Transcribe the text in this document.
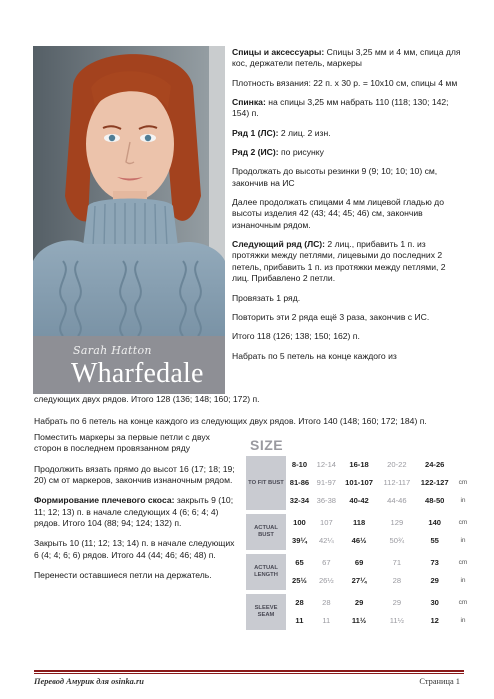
Sarah Hatton
Wharfedale

Спицы и аксессуары: Спицы 3,25 мм и 4 мм, спица для кос, держатели петель, маркеры

Плотность вязания: 22 п. х 30 р. = 10х10 см, спицы 4 мм

Спинка: на спицы 3,25 мм набрать 110 (118; 130; 142; 154) п.

Ряд 1 (ЛС): 2 лиц. 2 изн.

Ряд 2 (ИС): по рисунку

Продолжать до высоты резинки 9 (9; 10; 10; 10) см, закончив на ИС

Далее продолжать спицами 4 мм лицевой гладью до высоты изделия 42 (43; 44; 45; 46) см, закончив изнаночным рядом.

Следующий ряд (ЛС): 2 лиц., прибавить 1 п. из протяжки между петлями, лицевыми до последних 2 петель, прибавить 1 п. из протяжки между петлями, 2 лиц. Прибавлено 2 петли.

Провязать 1 ряд.

Повторить эти 2 ряда ещё 3 раза, закончив с ИС.

Итого 118 (126; 138; 150; 162) п.

Набрать по 5 петель на конце каждого из

следующих двух рядов. Итого 128 (136; 148; 160; 172) п.
Набрать по 6 петель на конце каждого из следующих двух рядов. Итого 140 (148; 160; 172; 184) п.

Поместить маркеры за первые петли с двух сторон в последнем провязанном ряду

Продолжить вязать прямо до высот 16 (17; 18; 19; 20) см от маркеров, закончив изнаночным рядом.

Формирование плечевого скоса: закрыть 9 (10; 11; 12; 13) п. в начале следующих 4 (6; 6; 4; 4) рядов. Итого 104 (88; 94; 124; 132) п.

Закрыть 10 (11; 12; 13; 14) п. в начале следующих 6 (4; 4; 6; 6) рядов. Итого 44 (44; 46; 46; 48) п.

Перенести оставшиеся петли на держатель.

SIZE
TO FIT BUST	8-10	12-14	16-18	20-22	24-26	
	81-86	91-97	101-107	112-117	122-127	cm
	32-34	36-38	40-42	44-46	48-50	in

ACTUAL BUST	100	107	118	129	140	cm
	39¼	42¼	46½	50¾	55	in

ACTUAL LENGTH	65	67	69	71	73	cm
	25½	26½	27¼	28	29	in

SLEEVE SEAM	28	28	29	29	30	cm
	11	11	11½	11½	12	in
Перевод Амурик для osinka.ru	Страница 1
